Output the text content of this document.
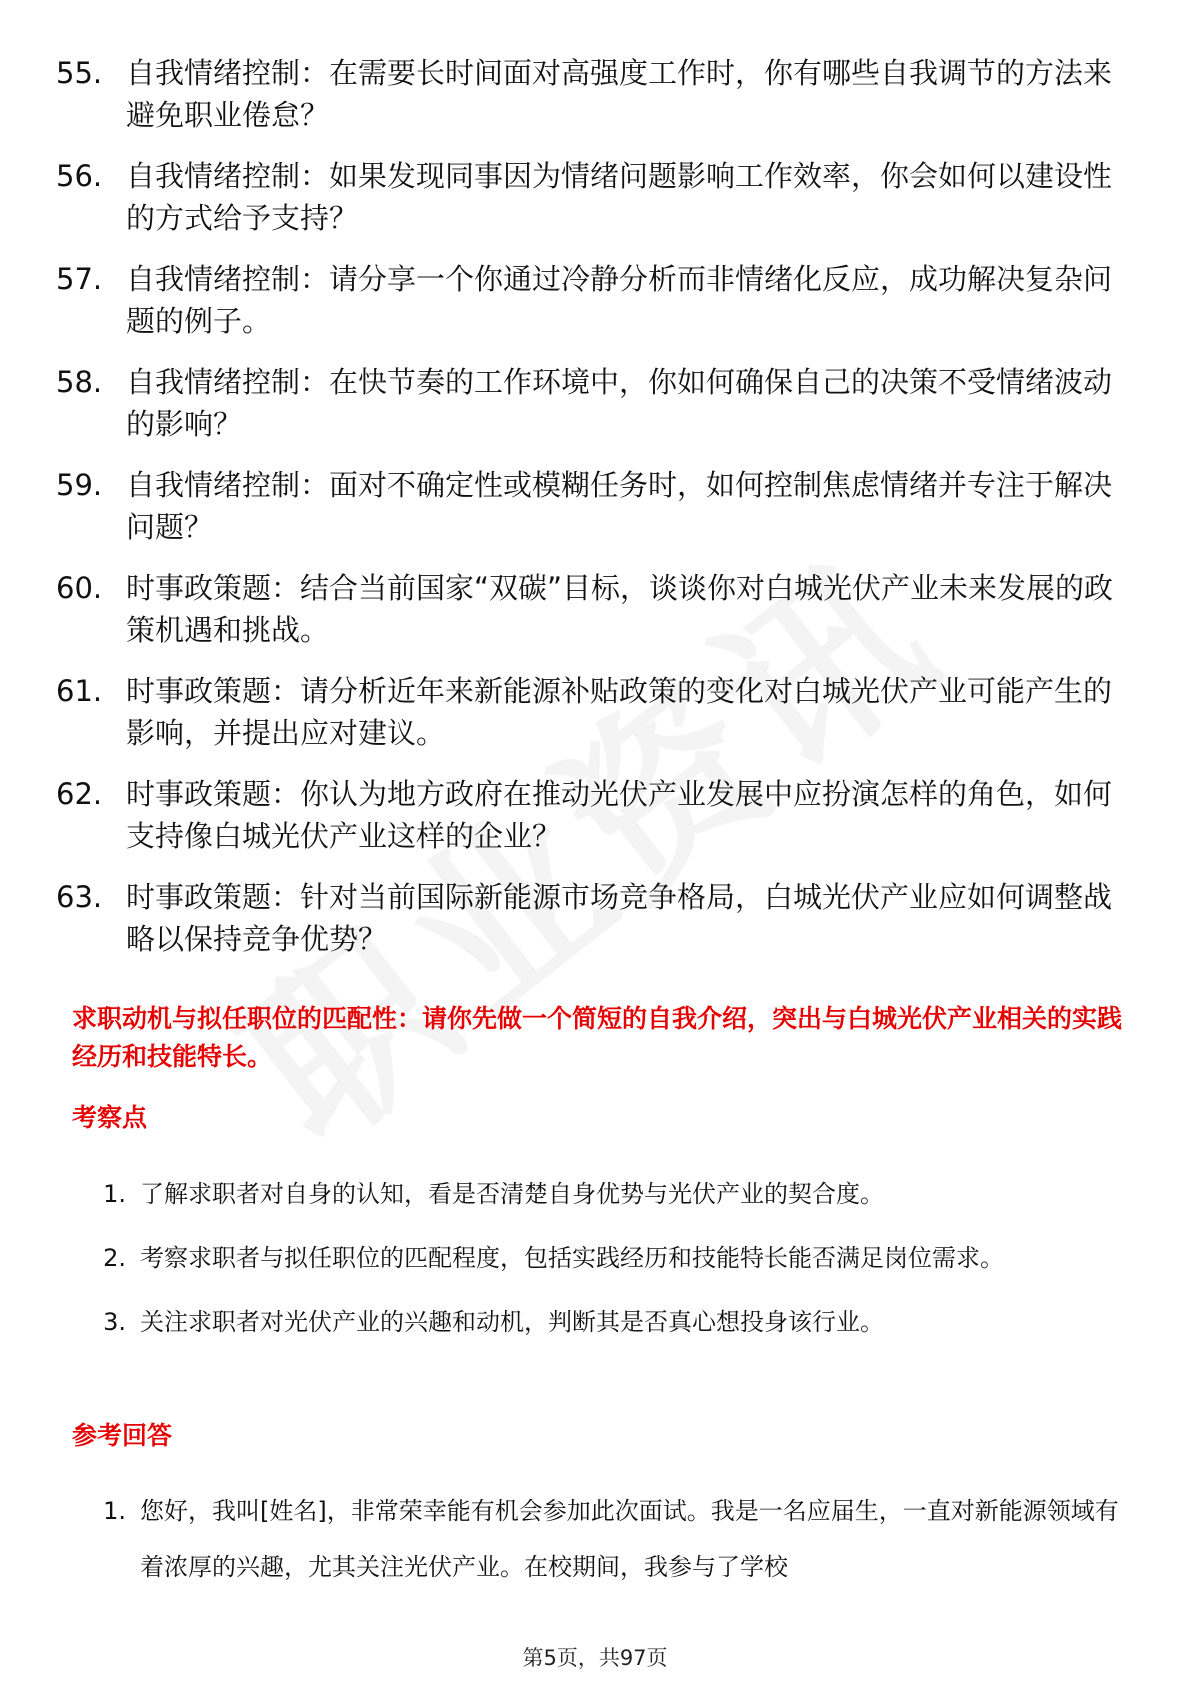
55. 自我情绪控制：在需要长时间面对高强度工作时，你有哪些自我调节的方法来避免职业倦怠？
56. 自我情绪控制：如果发现同事因为情绪问题影响工作效率，你会如何以建设性的方式给予支持？
57. 自我情绪控制：请分享一个你通过冷静分析而非情绪化反应，成功解决复杂问题的例子。
58. 自我情绪控制：在快节奏的工作环境中，你如何确保自己的决策不受情绪波动的影响？
59. 自我情绪控制：面对不确定性或模糊任务时，如何控制焦虑情绪并专注于解决问题？
60. 时事政策题：结合当前国家“双碳”目标，谈谈你对白城光伏产业未来发展的政策机遇和挑战。
61. 时事政策题：请分析近年来新能源补贴政策的变化对白城光伏产业可能产生的影响，并提出应对建议。
62. 时事政策题：你认为地方政府在推动光伏产业发展中应扮演怎样的角色，如何支持像白城光伏产业这样的企业？
63. 时事政策题：针对当前国际新能源市场竞争格局，白城光伏产业应如何调整战略以保持竞争优势？
求职动机与拟任职位的匹配性：请你先做一个简短的自我介绍，突出与白城光伏产业相关的实践经历和技能特长。
考察点
1. 了解求职者对自身的认知，看是否清楚自身优势与光伏产业的契合度。
2. 考察求职者与拟任职位的匹配程度，包括实践经历和技能特长能否满足岗位需求。
3. 关注求职者对光伏产业的兴趣和动机，判断其是否真心想投身该行业。
参考回答
1. 您好，我叫[姓名]，非常荣幸能有机会参加此次面试。我是一名应届生，一直对新能源领域有着浓厚的兴趣，尤其关注光伏产业。在校期间，我参与了学校
第5页，共97页
